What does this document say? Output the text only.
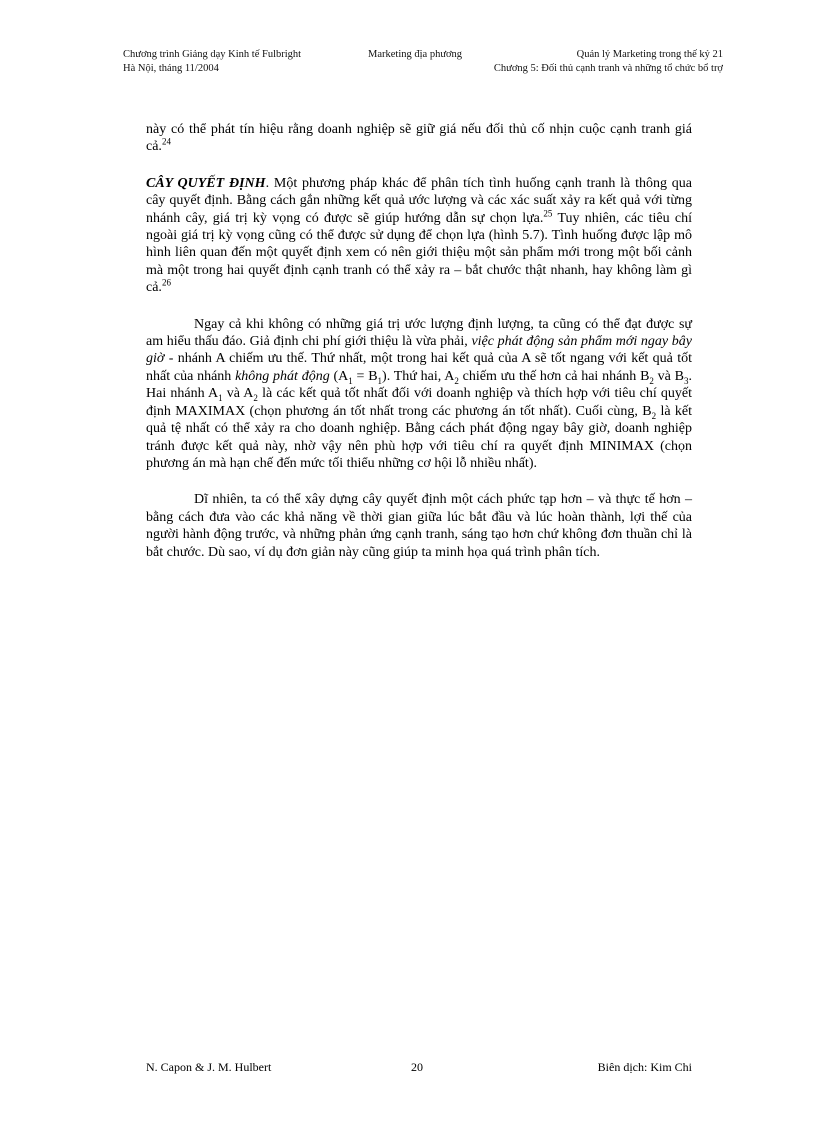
Chương trình Giảng dạy Kinh tế Fulbright	Marketing địa phương	Quản lý Marketing trong thế kỷ 21
Hà Nội, tháng 11/2004	Chương 5: Đối thủ cạnh tranh và những tổ chức bổ trợ

này có thể phát tín hiệu rằng doanh nghiệp sẽ giữ giá nếu đối thủ cố nhịn cuộc cạnh tranh giá cả.$^{24}$

CÂY QUYẾT ĐỊNH. Một phương pháp khác để phân tích tình huống cạnh tranh là thông qua cây quyết định. Bằng cách gắn những kết quả ước lượng và các xác suất xảy ra kết quả với từng nhánh cây, giá trị kỳ vọng có được sẽ giúp hướng dẫn sự chọn lựa.$^{25}$ Tuy nhiên, các tiêu chí ngoài giá trị kỳ vọng cũng có thể được sử dụng để chọn lựa (hình 5.7). Tình huống được lập mô hình liên quan đến một quyết định xem có nên giới thiệu một sản phẩm mới trong một bối cảnh mà một trong hai quyết định cạnh tranh có thể xảy ra – bắt chước thật nhanh, hay không làm gì cả.$^{26}$

Ngay cả khi không có những giá trị ước lượng định lượng, ta cũng có thể đạt được sự am hiểu thấu đáo. Giả định chi phí giới thiệu là vừa phải, việc phát động sản phẩm mới ngay bây giờ - nhánh A chiếm ưu thế. Thứ nhất, một trong hai kết quả của A sẽ tốt ngang với kết quả tốt nhất của nhánh không phát động $(A_1 = B_1)$. Thứ hai, $A_2$ chiếm ưu thế hơn cả hai nhánh $B_2$ và $B_3$. Hai nhánh $A_1$ và $A_2$ là các kết quả tốt nhất đối với doanh nghiệp và thích hợp với tiêu chí quyết định MAXIMAX (chọn phương án tốt nhất trong các phương án tốt nhất). Cuối cùng, $B_2$ là kết quả tệ nhất có thể xảy ra cho doanh nghiệp. Bằng cách phát động ngay bây giờ, doanh nghiệp tránh được kết quả này, nhờ vậy nên phù hợp với tiêu chí ra quyết định MINIMAX (chọn phương án mà hạn chế đến mức tối thiểu những cơ hội lỗ nhiều nhất).

Dĩ nhiên, ta có thể xây dựng cây quyết định một cách phức tạp hơn – và thực tế hơn – bằng cách đưa vào các khả năng về thời gian giữa lúc bắt đầu và lúc hoàn thành, lợi thế của người hành động trước, và những phản ứng cạnh tranh, sáng tạo hơn chứ không đơn thuần chỉ là bắt chước. Dù sao, ví dụ đơn giản này cũng giúp ta minh họa quá trình phân tích.

N. Capon & J. M. Hulbert	20	Biên dịch: Kim Chi
